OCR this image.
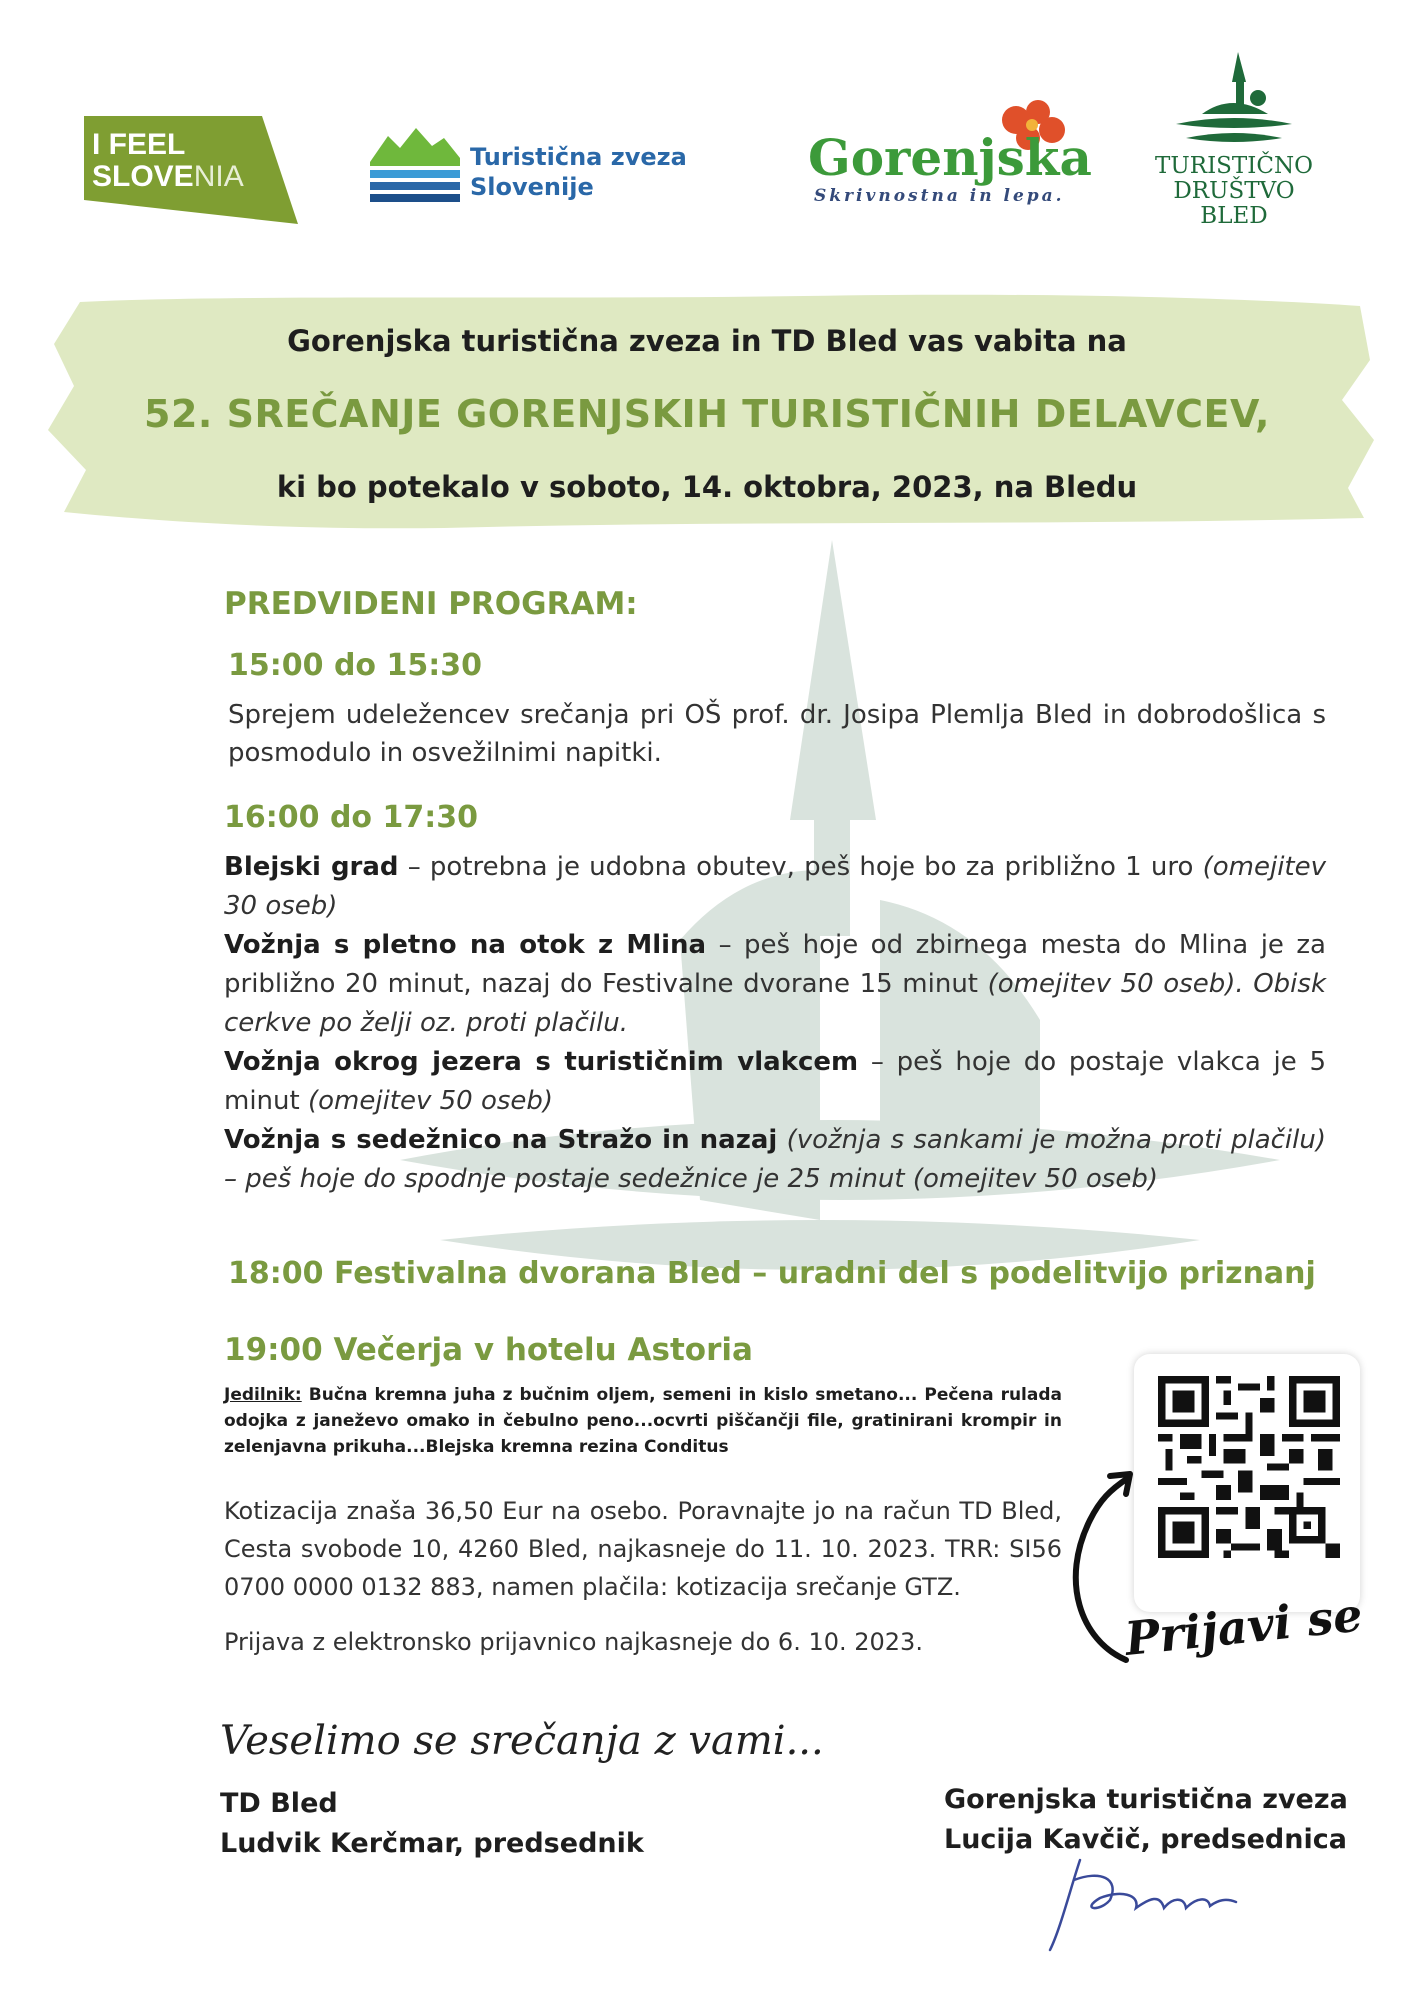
I FEEL
SLOVENIA
Turistična zveza
Slovenije	Gorenjska
Skrivnostna in lepa.
TURISTIČNO
DRUŠTVO
BLED
Gorenjska turistična zveza in TD Bled vas vabita na
52. SREČANJE GORENJSKIH TURISTIČNIH DELAVCEV,
ki bo potekalo v soboto, 14. oktobra, 2023, na Bledu
PREDVIDENI PROGRAM:
15:00 do 15:30
Sprejem udeležencev srečanja pri OŠ prof. dr. Josipa Plemlja Bled in dobrodošlica s posmodulo in osvežilnimi napitki.
16:00 do 17:30
Blejski grad – potrebna je udobna obutev, peš hoje bo za približno 1 uro (omejitev 30 oseb)
Vožnja s pletno na otok z Mlina – peš hoje od zbirnega mesta do Mlina je za približno 20 minut, nazaj do Festivalne dvorane 15 minut (omejitev 50 oseb). Obisk cerkve po želji oz. proti plačilu.
Vožnja okrog jezera s turističnim vlakcem – peš hoje do postaje vlakca je 5 minut (omejitev 50 oseb)
Vožnja s sedežnico na Stražo in nazaj (vožnja s sankami je možna proti plačilu) – peš hoje do spodnje postaje sedežnice je 25 minut (omejitev 50 oseb)
18:00 Festivalna dvorana Bled – uradni del s podelitvijo priznanj
19:00 Večerja v hotelu Astoria
Jedilnik: Bučna kremna juha z bučnim oljem, semeni in kislo smetano... Pečena rulada odojka z janeževo omako in čebulno peno...ocvrti piščančji file, gratinirani krompir in zelenjavna prikuha...Blejska kremna rezina Conditus
Kotizacija znaša 36,50 Eur na osebo. Poravnajte jo na račun TD Bled, Cesta svobode 10, 4260 Bled, najkasneje do 11. 10. 2023. TRR: SI56 0700 0000 0132 883, namen plačila: kotizacija srečanje GTZ.
Prijava z elektronsko prijavnico najkasneje do 6. 10. 2023.	Prijavi se
Veselimo se srečanja z vami...
TD Bled
Ludvik Kerčmar, predsednik
Gorenjska turistična zveza
Lucija Kavčič, predsednica
